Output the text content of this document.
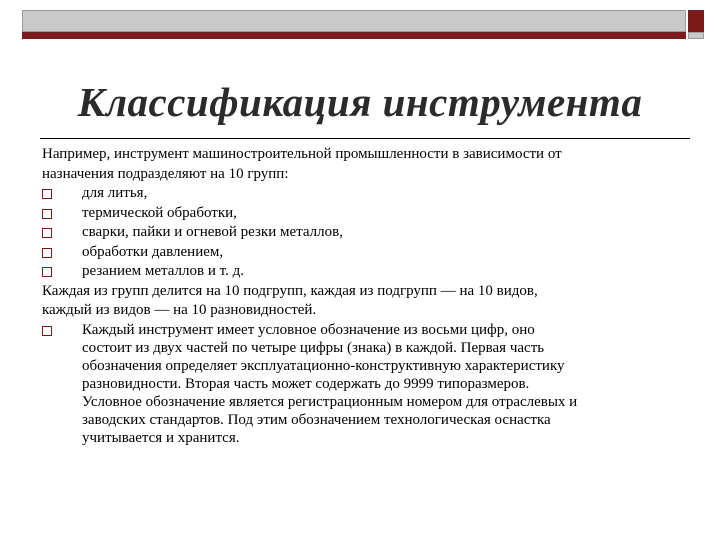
Классификация инструмента
Например, инструмент машиностроительной промышленности в зависимости от
назначения подразделяют на 10 групп:
для литья,
термической обработки,
сварки, пайки и огневой резки металлов,
обработки давлением,
резанием металлов и т. д.
Каждая из групп делится на 10 подгрупп, каждая из подгрупп — на 10 видов,
каждый из видов — на 10 разновидностей.
Каждый инструмент имеет условное обозначение из восьми цифр, оно
состоит из двух частей по четыре цифры (знака) в каждой. Первая часть
обозначения определяет эксплуатационно-конструктивную характеристику
разновидности. Вторая часть может содержать до 9999 типоразмеров.
Условное обозначение является регистрационным номером для отраслевых и
заводских стандартов. Под этим обозначением технологическая оснастка
учитывается и хранится.
